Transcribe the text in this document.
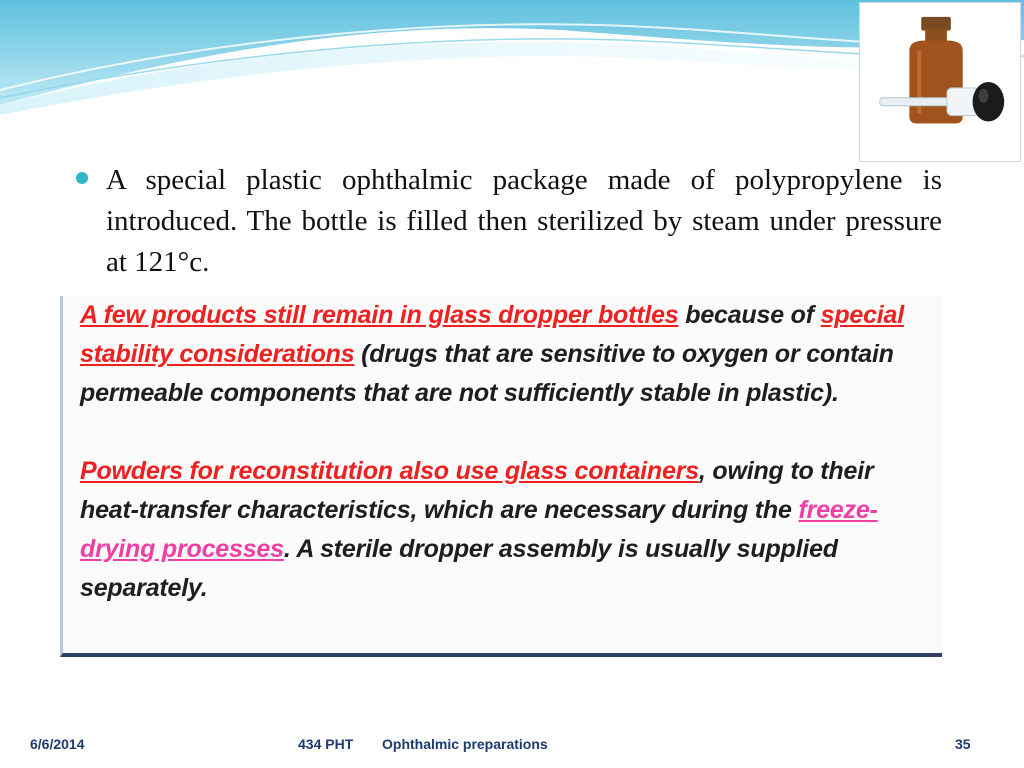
A special plastic ophthalmic package made of polypropylene is introduced. The bottle is filled then sterilized by steam under pressure at 121°c.

A few products still remain in glass dropper bottles because of special stability considerations (drugs that are sensitive to oxygen or contain permeable components that are not sufficiently stable in plastic).

Powders for reconstitution also use glass containers, owing to their heat-transfer characteristics, which are necessary during the freeze-drying processes. A sterile dropper assembly is usually supplied separately.

6/6/2014	434 PHT Ophthalmic preparations	35
